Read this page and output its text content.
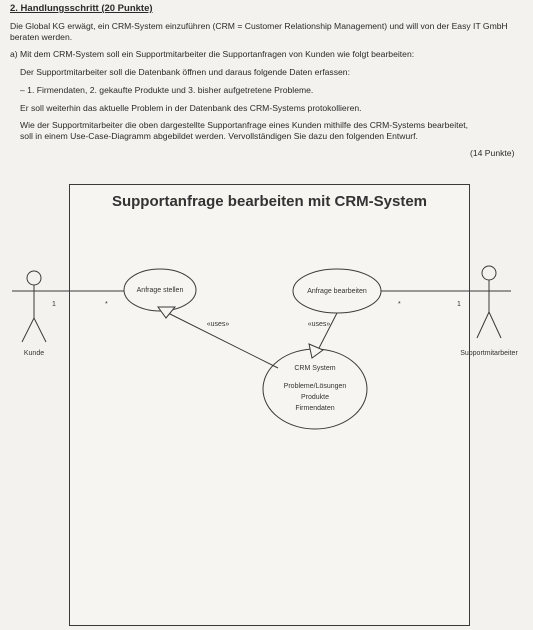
2. Handlungsschritt (20 Punkte)
Die Global KG erwägt, ein CRM-System einzuführen (CRM = Customer Relationship Management) und will von der Easy IT GmbH
beraten werden.
a) Mit dem CRM-System soll ein Supportmitarbeiter die Supportanfragen von Kunden wie folgt bearbeiten:
Der Supportmitarbeiter soll die Datenbank öffnen und daraus folgende Daten erfassen:
– 1. Firmendaten, 2. gekaufte Produkte und 3. bisher aufgetretene Probleme.
Er soll weiterhin das aktuelle Problem in der Datenbank des CRM-Systems protokollieren.
Wie der Supportmitarbeiter die oben dargestellte Supportanfrage eines Kunden mithilfe des CRM-Systems bearbeitet,
soll in einem Use-Case-Diagramm abgebildet werden. Vervollständigen Sie dazu den folgenden Entwurf.
(14 Punkte)
Supportanfrage bearbeiten mit CRM-System
Anfrage stellen	Anfrage bearbeiten
CRM System
Probleme/Lösungen
Produkte
Firmendaten
«uses»	«uses»
1	*	*	1
Kunde	Supportmitarbeiter
